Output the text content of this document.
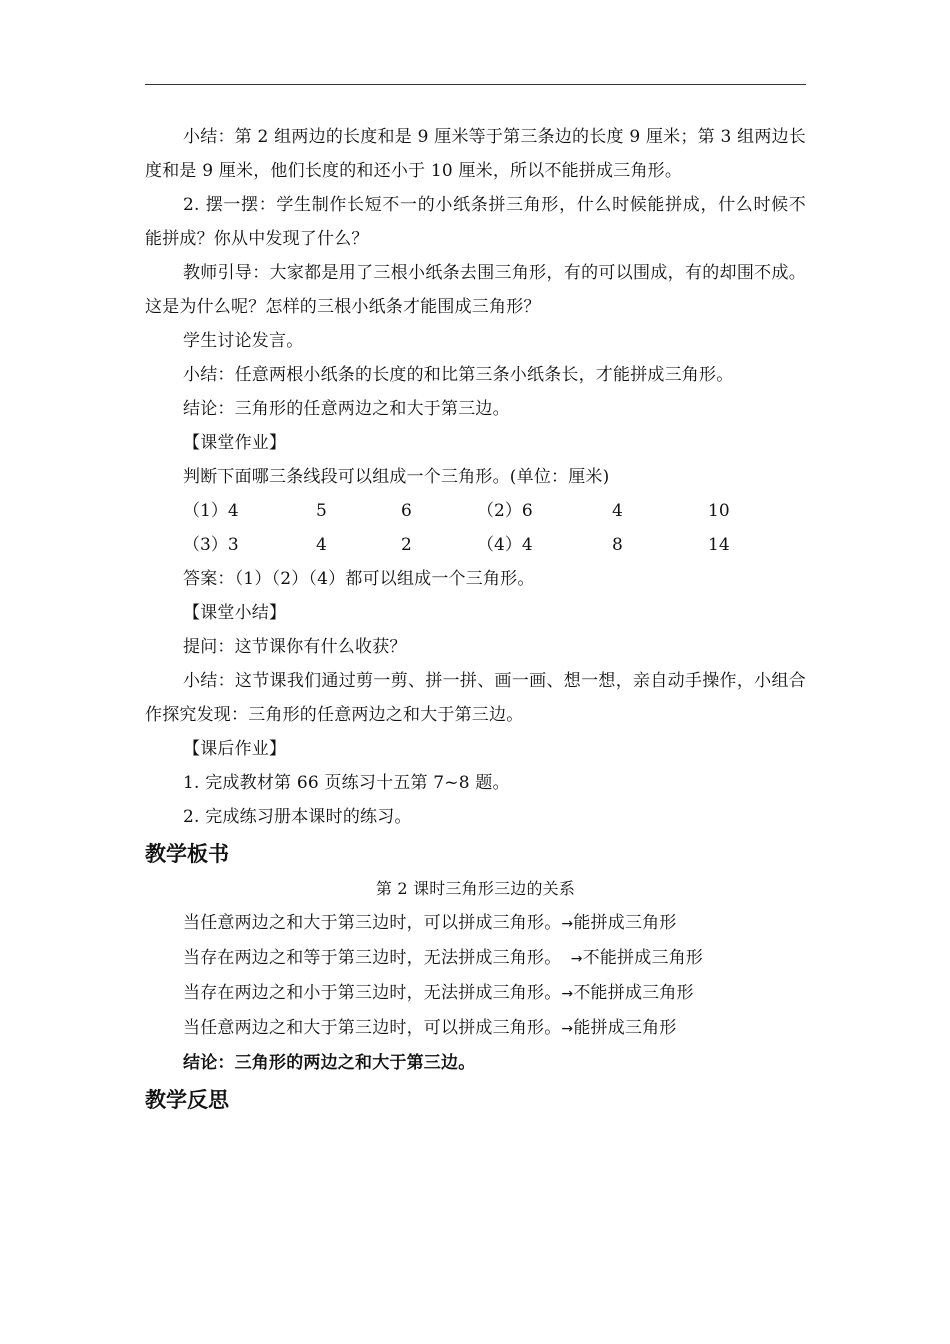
小结：第 2 组两边的长度和是 9 厘米等于第三条边的长度 9 厘米；第 3 组两边长度和是 9 厘米，他们长度的和还小于 10 厘米，所以不能拼成三角形。

2. 摆一摆：学生制作长短不一的小纸条拼三角形，什么时候能拼成，什么时候不能拼成？你从中发现了什么？

教师引导：大家都是用了三根小纸条去围三角形，有的可以围成，有的却围不成。这是为什么呢？怎样的三根小纸条才能围成三角形？

学生讨论发言。

小结：任意两根小纸条的长度的和比第三条小纸条长，才能拼成三角形。

结论：三角形的任意两边之和大于第三边。

【课堂作业】

判断下面哪三条线段可以组成一个三角形。(单位：厘米)

（1）4	5	6	（2）6	4	10
（3）3	4	2	（4）4	8	14

答案：（1）（2）（4）都可以组成一个三角形。

【课堂小结】

提问：这节课你有什么收获？

小结：这节课我们通过剪一剪、拼一拼、画一画、想一想，亲自动手操作，小组合作探究发现：三角形的任意两边之和大于第三边。

【课后作业】

1. 完成教材第 66 页练习十五第 7~8 题。

2. 完成练习册本课时的练习。

教学板书

第 2 课时三角形三边的关系

当任意两边之和大于第三边时，可以拼成三角形。→能拼成三角形

当存在两边之和等于第三边时，无法拼成三角形。  →不能拼成三角形

当存在两边之和小于第三边时，无法拼成三角形。→不能拼成三角形

当任意两边之和大于第三边时，可以拼成三角形。→能拼成三角形

结论：三角形的两边之和大于第三边。

教学反思
